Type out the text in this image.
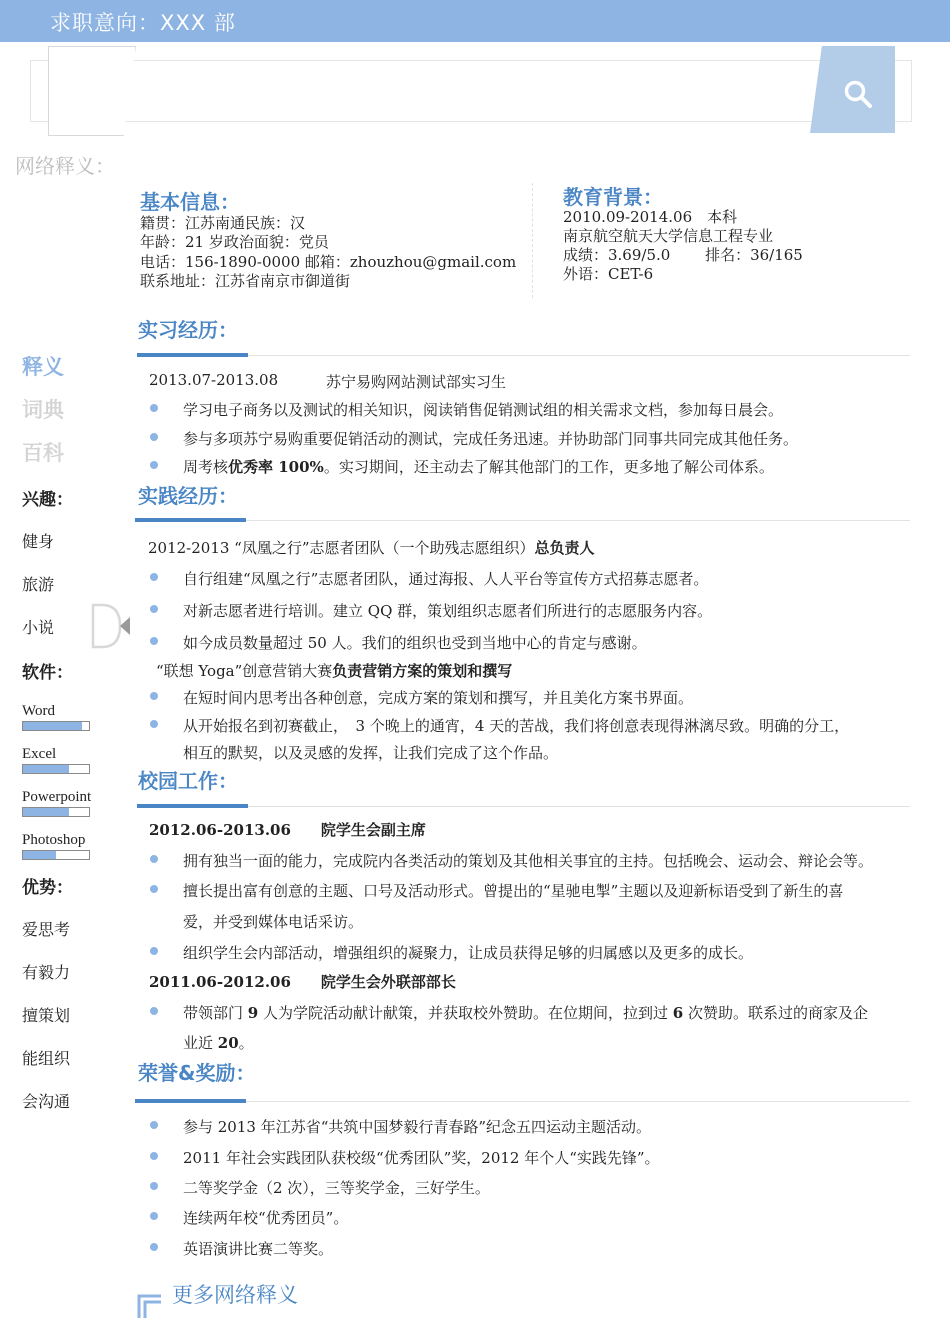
求职意向：XXX 部
网络释义：
释义
词典
百科
兴趣：
健身
旅游
小说
软件：
Word
Excel
Powerpoint
Photoshop
优势：
爱思考
有毅力
擅策划
能组织
会沟通
基本信息：
籍贯：江苏南通民族：汉
年龄：21 岁政治面貌：党员
电话：156-1890-0000 邮箱：zhouzhou@gmail.com
联系地址：江苏省南京市御道街
教育背景：
2010.09-2014.06　本科
南京航空航天大学信息工程专业
成绩：3.69/5.0　　 排名：36/165
外语：CET-6
实习经历：
2013.07-2013.08	苏宁易购网站测试部实习生
学习电子商务以及测试的相关知识，阅读销售促销测试组的相关需求文档，参加每日晨会。
参与多项苏宁易购重要促销活动的测试，完成任务迅速。并协助部门同事共同完成其他任务。
周考核优秀率 100%。实习期间，还主动去了解其他部门的工作，更多地了解公司体系。
实践经历：
2012-2013 “凤凰之行”志愿者团队（一个助残志愿组织）总负责人
自行组建“凤凰之行”志愿者团队，通过海报、人人平台等宣传方式招募志愿者。
对新志愿者进行培训。建立 QQ 群，策划组织志愿者们所进行的志愿服务内容。
如今成员数量超过 50 人。我们的组织也受到当地中心的肯定与感谢。
“联想 Yoga”创意营销大赛负责营销方案的策划和撰写
在短时间内思考出各种创意，完成方案的策划和撰写，并且美化方案书界面。
从开始报名到初赛截止，　3 个晚上的通宵，4 天的苦战，我们将创意表现得淋漓尽致。明确的分工，
相互的默契，以及灵感的发挥，让我们完成了这个作品。
校园工作：
2012.06-2013.06　　院学生会副主席
拥有独当一面的能力，完成院内各类活动的策划及其他相关事宜的主持。包括晚会、运动会、辩论会等。
擅长提出富有创意的主题、口号及活动形式。曾提出的“星驰电掣”主题以及迎新标语受到了新生的喜
爱，并受到媒体电话采访。
组织学生会内部活动，增强组织的凝聚力，让成员获得足够的归属感以及更多的成长。
2011.06-2012.06　　院学生会外联部部长
带领部门 9 人为学院活动献计献策，并获取校外赞助。在位期间，拉到过 6 次赞助。联系过的商家及企
业近 20。
荣誉&奖励：
参与 2013 年江苏省“共筑中国梦毅行青春路”纪念五四运动主题活动。
2011 年社会实践团队获校级“优秀团队”奖，2012 年个人“实践先锋”。
二等奖学金（2 次），三等奖学金，三好学生。
连续两年校“优秀团员”。
英语演讲比赛二等奖。
更多网络释义
